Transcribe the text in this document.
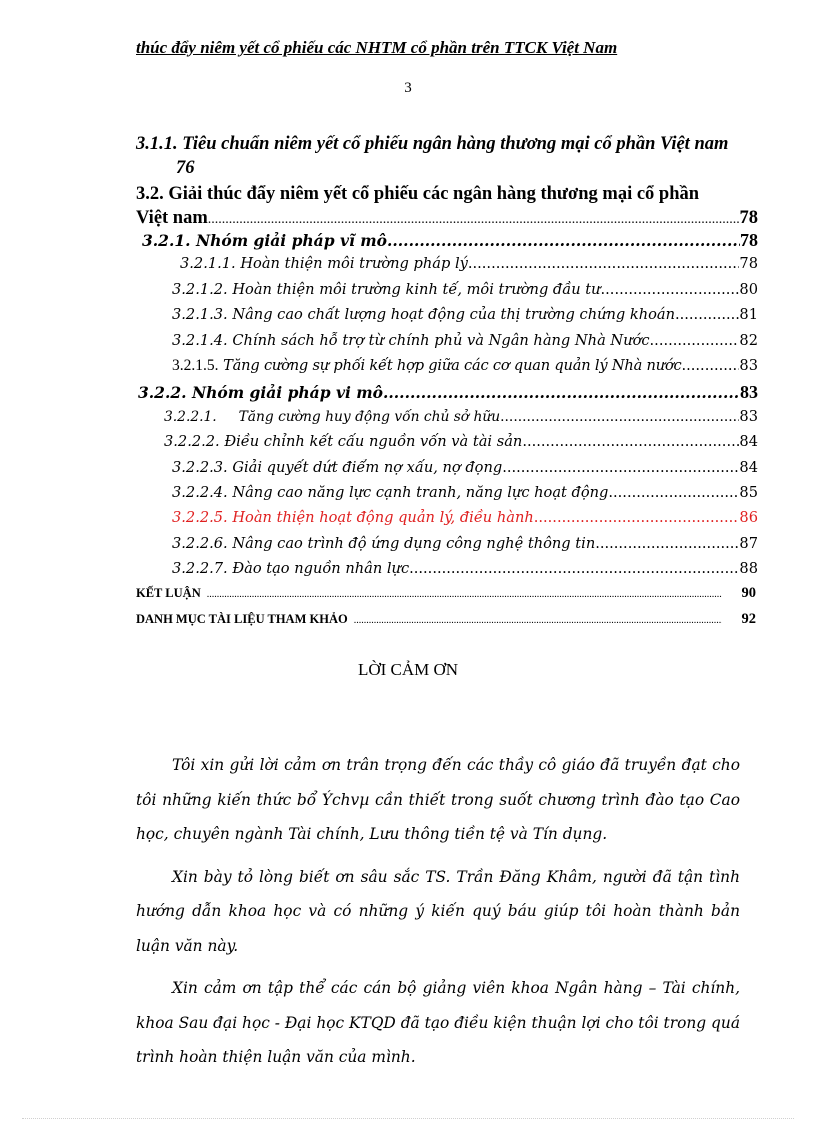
thúc đẩy niêm yết cổ phiếu các NHTM cổ phần trên TTCK Việt Nam
3
3.1.1. Tiêu chuẩn niêm yết cổ phiếu ngân hàng thương mại cổ phần Việt nam 76
3.2. Giải thúc đẩy niêm yết cổ phiếu các ngân hàng thương mại cổ phần
Việt nam .....	78
3.2.1. Nhóm giải pháp vĩ mô .....	78
3.2.1.1. Hoàn thiện môi trường pháp lý .....	78
3.2.1.2. Hoàn thiện môi trường kinh tế, môi trường đầu tư .....	80
3.2.1.3. Nâng cao chất lượng hoạt động của thị trường chứng khoán .....	81
3.2.1.4. Chính sách hỗ trợ từ chính phủ và Ngân hàng Nhà Nước .....	82
3.2.1.5. Tăng cường sự phối kết hợp giữa các cơ quan quản lý Nhà nước .....	83
3.2.2. Nhóm giải pháp vi mô .....	83
3.2.2.1.     Tăng cường huy động vốn chủ sở hữu .....	83
3.2.2.2. Điều chỉnh kết cấu nguồn vốn và tài sản .....	84
3.2.2.3. Giải quyết dứt điểm nợ xấu, nợ đọng .....	84
3.2.2.4. Nâng cao năng lực cạnh tranh, năng lực hoạt động .....	85
3.2.2.5. Hoàn thiện hoạt động quản lý, điều hành .....	86
3.2.2.6. Nâng cao trình độ ứng dụng công nghệ thông tin .....	87
3.2.2.7. Đào tạo nguồn nhân lực .....	88
KẾT LUẬN .....	90
DANH MỤC TÀI LIỆU THAM KHẢO .....	92
LỜI CẢM ƠN

Tôi xin gửi lời cảm ơn trân trọng đến các thầy cô giáo đã truyền đạt cho tôi những kiến thức bổ Ýchvµ cần thiết trong suốt chương trình đào tạo Cao học, chuyên ngành Tài chính, Lưu thông tiền tệ và Tín dụng.

Xin bày tỏ lòng biết ơn sâu sắc TS. Trần Đăng Khâm, người đã tận tình hướng dẫn khoa học và có những ý kiến quý báu giúp tôi hoàn thành bản luận văn này.

Xin cảm ơn tập thể các cán bộ giảng viên khoa Ngân hàng – Tài chính, khoa Sau đại học - Đại học KTQD đã tạo điều kiện thuận lợi cho tôi trong quá trình hoàn thiện luận văn của mình.
